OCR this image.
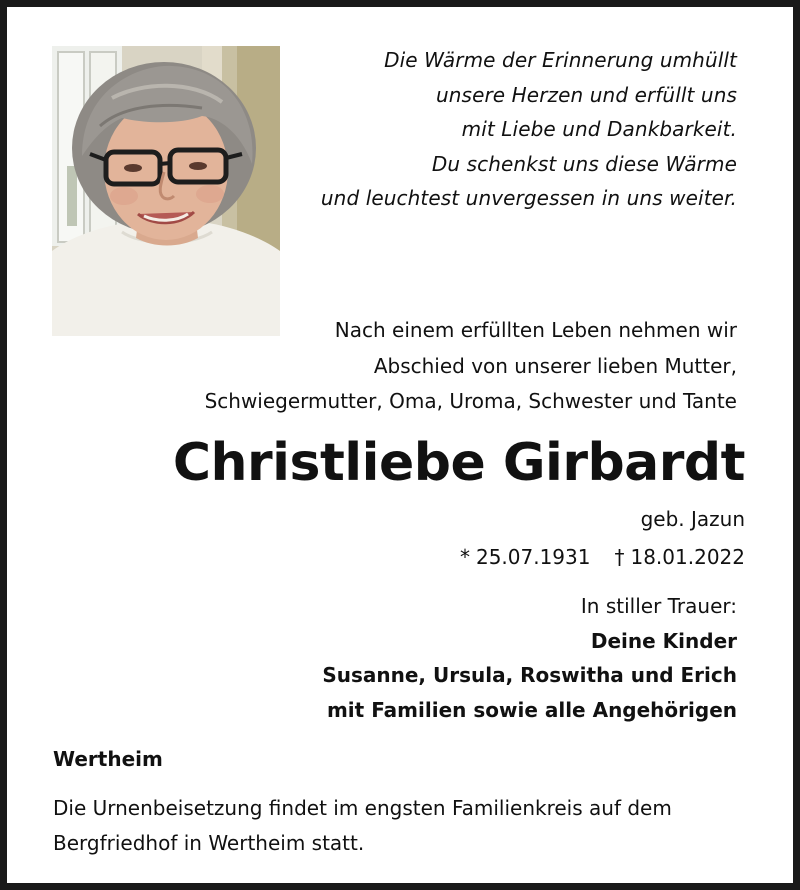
Die Wärme der Erinnerung umhüllt
unsere Herzen und erfüllt uns
mit Liebe und Dankbarkeit.
Du schenkst uns diese Wärme
und leuchtest unvergessen in uns weiter.
Nach einem erfüllten Leben nehmen wir
Abschied von unserer lieben Mutter,
Schwiegermutter, Oma, Uroma, Schwester und Tante
Christliebe Girbardt
geb. Jazun
* 25.07.1931 † 18.01.2022
In stiller Trauer:
Deine Kinder
Susanne, Ursula, Roswitha und Erich
mit Familien sowie alle Angehörigen
Wertheim
Die Urnenbeisetzung findet im engsten Familienkreis auf dem
Bergfriedhof in Wertheim statt.
